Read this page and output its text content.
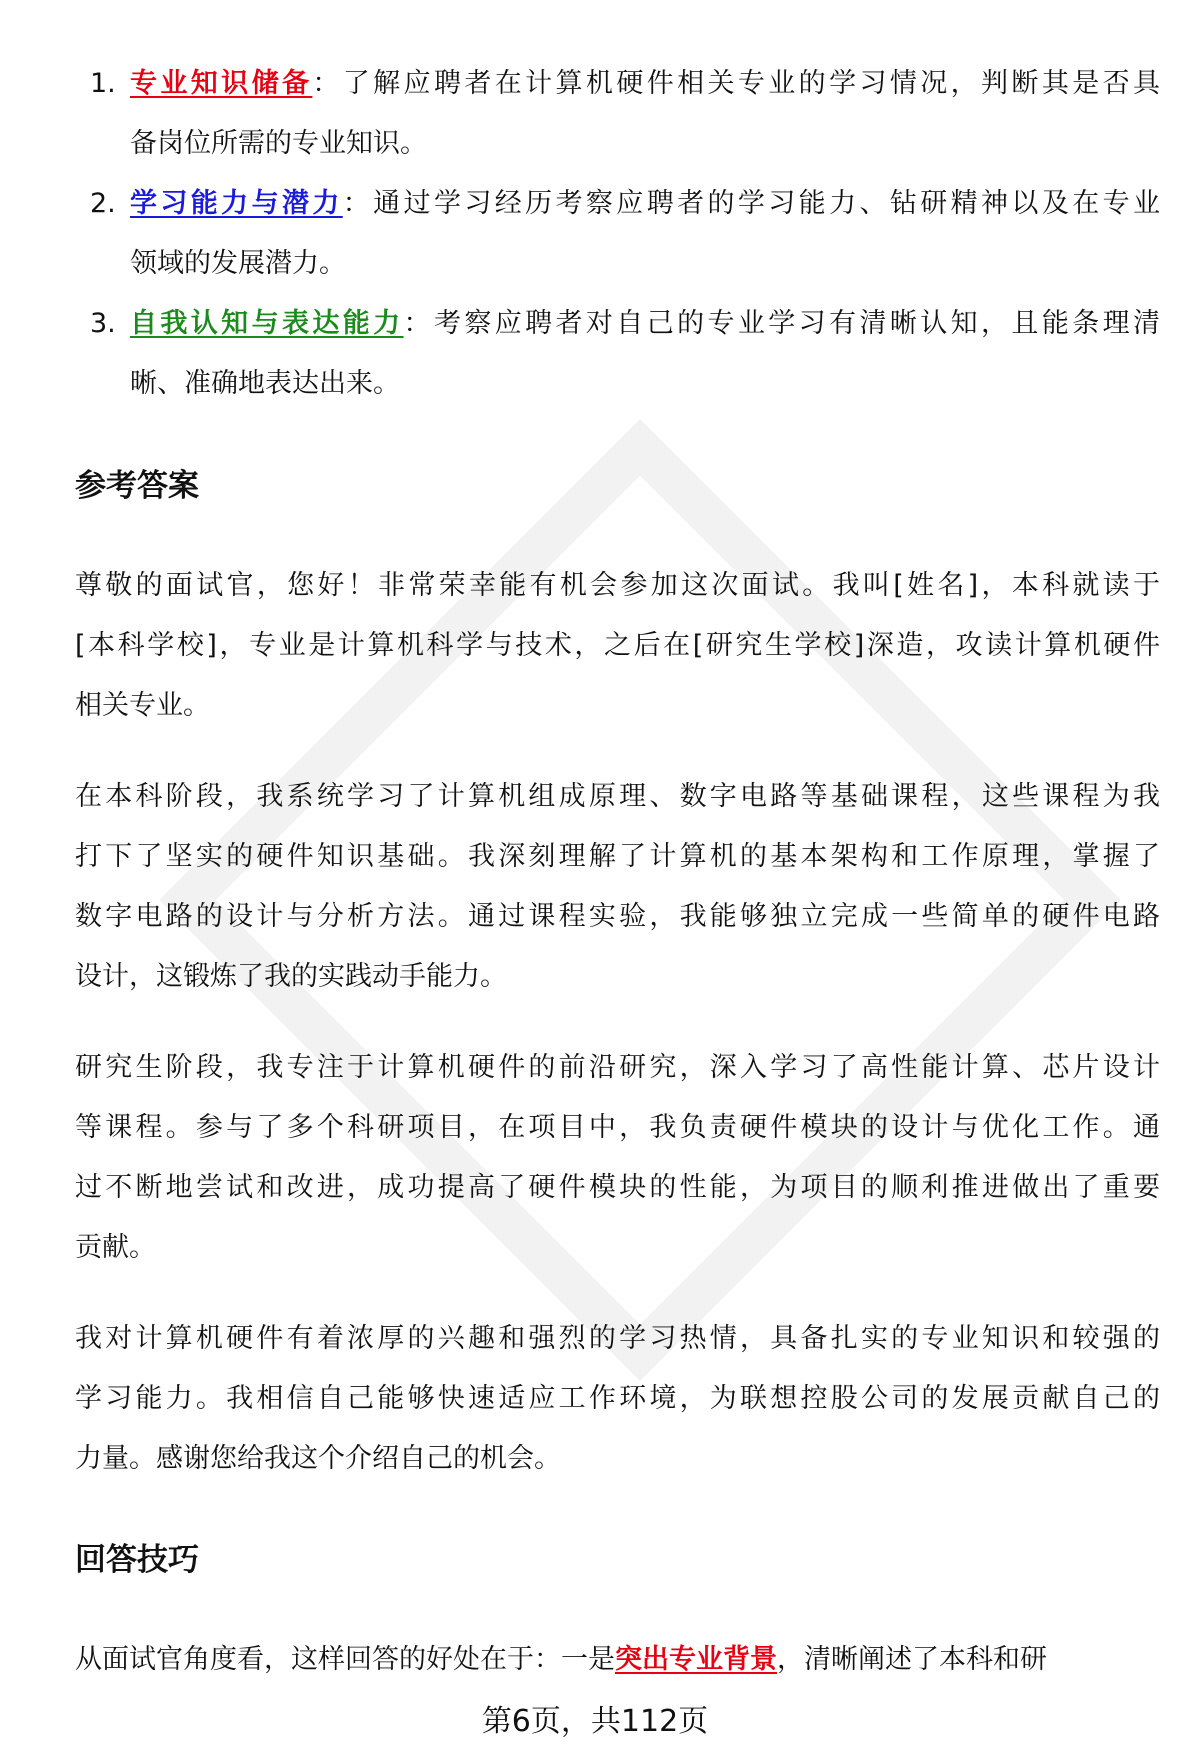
1. 专业知识储备：了解应聘者在计算机硬件相关专业的学习情况，判断其是否具
备岗位所需的专业知识。
2. 学习能力与潜力：通过学习经历考察应聘者的学习能力、钻研精神以及在专业
领域的发展潜力。
3. 自我认知与表达能力：考察应聘者对自己的专业学习有清晰认知，且能条理清
晰、准确地表达出来。
尊敬的面试官，您好！非常荣幸能有机会参加这次面试。我叫[姓名]，本科就读于
[本科学校]，专业是计算机科学与技术，之后在[研究生学校]深造，攻读计算机硬件
相关专业。
在本科阶段，我系统学习了计算机组成原理、数字电路等基础课程，这些课程为我
打下了坚实的硬件知识基础。我深刻理解了计算机的基本架构和工作原理，掌握了
数字电路的设计与分析方法。通过课程实验，我能够独立完成一些简单的硬件电路
设计，这锻炼了我的实践动手能力。
研究生阶段，我专注于计算机硬件的前沿研究，深入学习了高性能计算、芯片设计
等课程。参与了多个科研项目，在项目中，我负责硬件模块的设计与优化工作。通
过不断地尝试和改进，成功提高了硬件模块的性能，为项目的顺利推进做出了重要
贡献。
我对计算机硬件有着浓厚的兴趣和强烈的学习热情，具备扎实的专业知识和较强的
学习能力。我相信自己能够快速适应工作环境，为联想控股公司的发展贡献自己的
力量。感谢您给我这个介绍自己的机会。
参考答案
回答技巧
从面试官角度看，这样回答的好处在于：一是突出专业背景，清晰阐述了本科和研
第6页，共112页
